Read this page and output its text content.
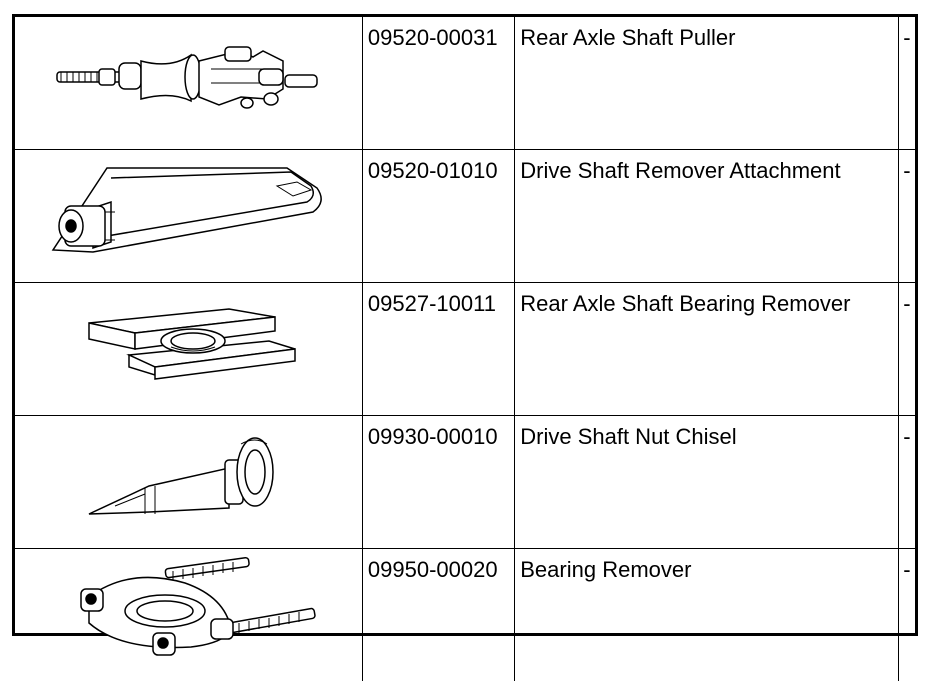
	09520-00031	Rear Axle Shaft Puller	-

	09520-01010	Drive Shaft Remover Attachment	-

	09527-10011	Rear Axle Shaft Bearing Remover	-

	09930-00010	Drive Shaft Nut Chisel	-

	09950-00020	Bearing Remover	-
